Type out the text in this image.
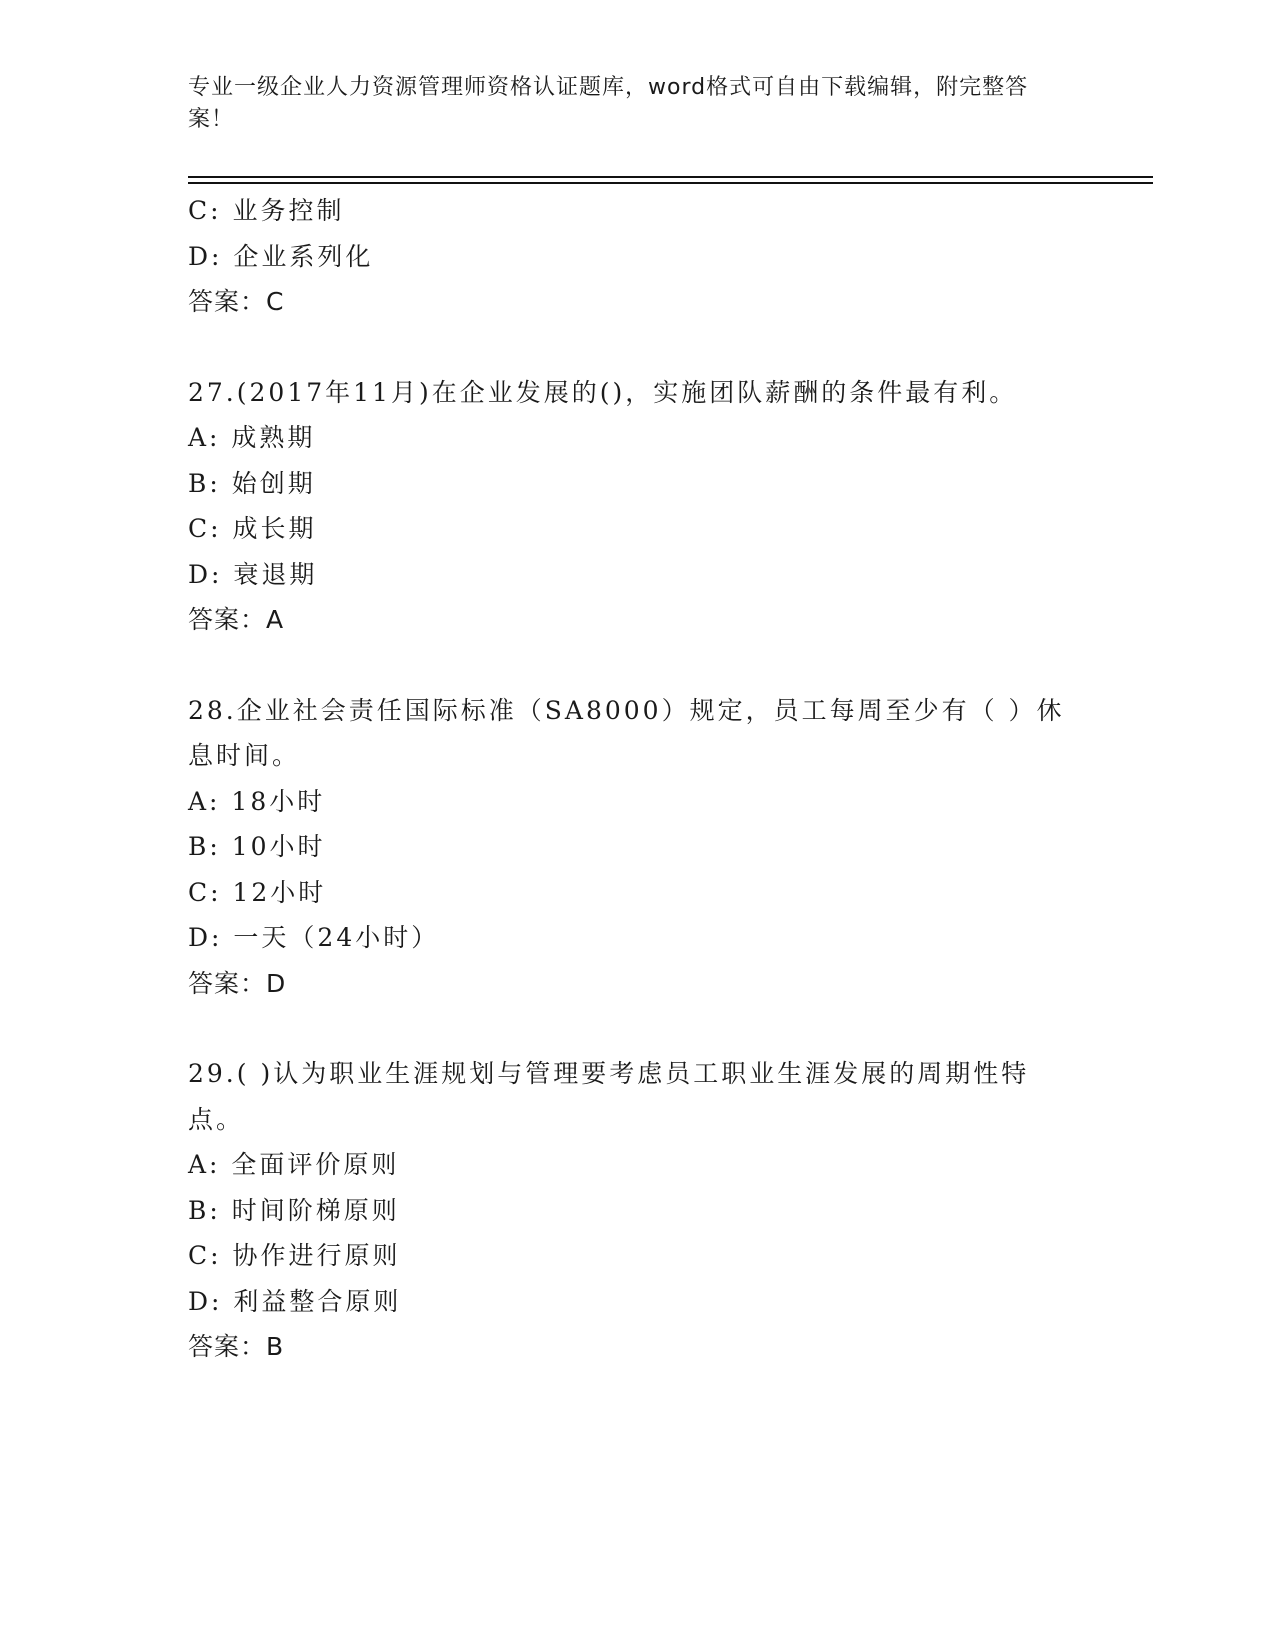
专业一级企业人力资源管理师资格认证题库，word格式可自由下载编辑，附完整答案！
C: 业务控制
D: 企业系列化
答案：C
27.(2017年11月)在企业发展的()，实施团队薪酬的条件最有利。
A: 成熟期
B: 始创期
C: 成长期
D: 衰退期
答案：A
28.企业社会责任国际标准（SA8000）规定，员工每周至少有（ ）休息时间。
A: 18小时
B: 10小时
C: 12小时
D: 一天（24小时）
答案：D
29.( )认为职业生涯规划与管理要考虑员工职业生涯发展的周期性特点。
A: 全面评价原则
B: 时间阶梯原则
C: 协作进行原则
D: 利益整合原则
答案：B
